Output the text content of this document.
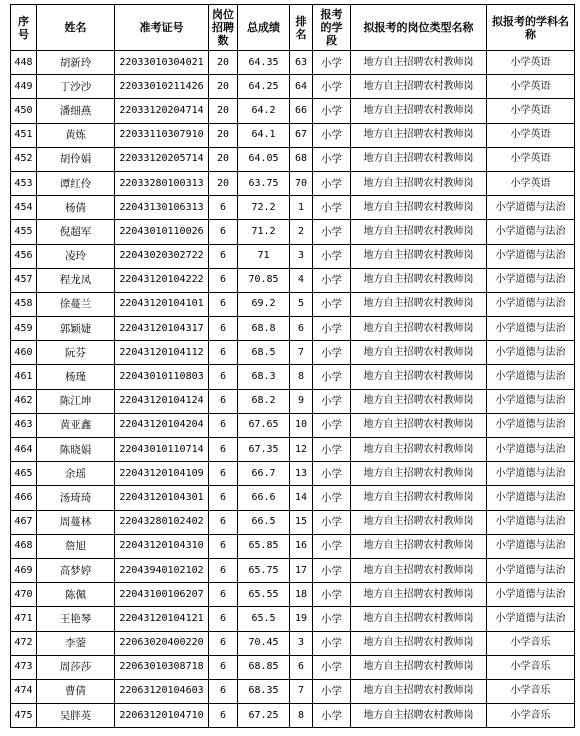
序号	姓名	准考证号	岗位招聘数	总成绩	排名	报考的学段	拟报考的岗位类型名称	拟报考的学科名称
448	胡新玲	22033010304021	20	64.35	63	小学	地方自主招聘农村教师岗	小学英语
449	丁沙沙	22033010211426	20	64.25	64	小学	地方自主招聘农村教师岗	小学英语
450	潘细燕	22033120204714	20	64.2	66	小学	地方自主招聘农村教师岗	小学英语
451	黄炼	22033110307910	20	64.1	67	小学	地方自主招聘农村教师岗	小学英语
452	胡伶娟	22033120205714	20	64.05	68	小学	地方自主招聘农村教师岗	小学英语
453	谭红伶	22033280100313	20	63.75	70	小学	地方自主招聘农村教师岗	小学英语
454	杨倩	22043130106313	6	72.2	1	小学	地方自主招聘农村教师岗	小学道德与法治
455	倪超军	22043010110026	6	71.2	2	小学	地方自主招聘农村教师岗	小学道德与法治
456	凌玲	22043020302722	6	71	3	小学	地方自主招聘农村教师岗	小学道德与法治
457	程龙凤	22043120104222	6	70.85	4	小学	地方自主招聘农村教师岗	小学道德与法治
458	徐蔓兰	22043120104101	6	69.2	5	小学	地方自主招聘农村教师岗	小学道德与法治
459	郭颖婕	22043120104317	6	68.8	6	小学	地方自主招聘农村教师岗	小学道德与法治
460	阮芬	22043120104112	6	68.5	7	小学	地方自主招聘农村教师岗	小学道德与法治
461	杨瑾	22043010110803	6	68.3	8	小学	地方自主招聘农村教师岗	小学道德与法治
462	陈江坤	22043120104124	6	68.2	9	小学	地方自主招聘农村教师岗	小学道德与法治
463	黄亚鑫	22043120104204	6	67.65	10	小学	地方自主招聘农村教师岗	小学道德与法治
464	陈晓娟	22043010110714	6	67.35	12	小学	地方自主招聘农村教师岗	小学道德与法治
465	余瑶	22043120104109	6	66.7	13	小学	地方自主招聘农村教师岗	小学道德与法治
466	汤琦琦	22043120104301	6	66.6	14	小学	地方自主招聘农村教师岗	小学道德与法治
467	周蔓林	22043280102402	6	66.5	15	小学	地方自主招聘农村教师岗	小学道德与法治
468	詹旭	22043120104310	6	65.85	16	小学	地方自主招聘农村教师岗	小学道德与法治
469	高梦婷	22043940102102	6	65.75	17	小学	地方自主招聘农村教师岗	小学道德与法治
470	陈佩	22043100106207	6	65.55	18	小学	地方自主招聘农村教师岗	小学道德与法治
471	王艳琴	22043120104121	6	65.5	19	小学	地方自主招聘农村教师岗	小学道德与法治
472	李蓥	22063020400220	6	70.45	3	小学	地方自主招聘农村教师岗	小学音乐
473	周莎莎	22063010308718	6	68.85	6	小学	地方自主招聘农村教师岗	小学音乐
474	曹倩	22063120104603	6	68.35	7	小学	地方自主招聘农村教师岗	小学音乐
475	吴胖英	22063120104710	6	67.25	8	小学	地方自主招聘农村教师岗	小学音乐
